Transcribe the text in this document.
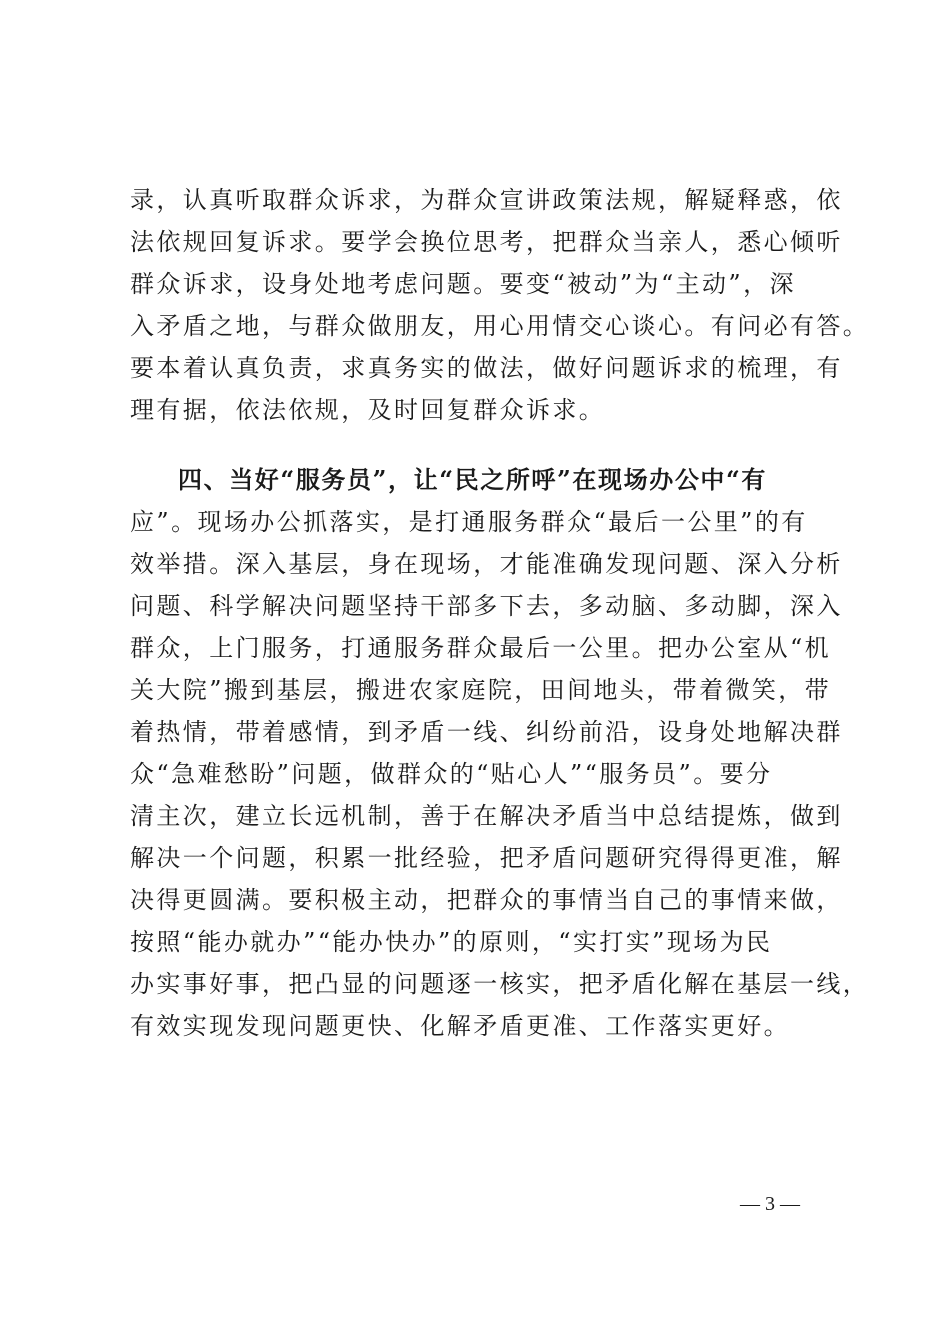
录，认真听取群众诉求，为群众宣讲政策法规，解疑释惑，依
法依规回复诉求。要学会换位思考，把群众当亲人，悉心倾听
群众诉求，设身处地考虑问题。要变“被动”为“主动”，深
入矛盾之地，与群众做朋友，用心用情交心谈心。有问必有答。
要本着认真负责，求真务实的做法，做好问题诉求的梳理，有
理有据，依法依规，及时回复群众诉求。
四、当好“服务员”，让“民之所呼”在现场办公中“有
应”。现场办公抓落实，是打通服务群众“最后一公里”的有
效举措。深入基层，身在现场，才能准确发现问题、深入分析
问题、科学解决问题坚持干部多下去，多动脑、多动脚，深入
群众，上门服务，打通服务群众最后一公里。把办公室从“机
关大院”搬到基层，搬进农家庭院，田间地头，带着微笑，带
着热情，带着感情，到矛盾一线、纠纷前沿，设身处地解决群
众“急难愁盼”问题，做群众的“贴心人”“服务员”。要分
清主次，建立长远机制，善于在解决矛盾当中总结提炼，做到
解决一个问题，积累一批经验，把矛盾问题研究得得更准，解
决得更圆满。要积极主动，把群众的事情当自己的事情来做，
按照“能办就办”“能办快办”的原则，“实打实”现场为民
办实事好事，把凸显的问题逐一核实，把矛盾化解在基层一线，
有效实现发现问题更快、化解矛盾更准、工作落实更好。
— 3 —
